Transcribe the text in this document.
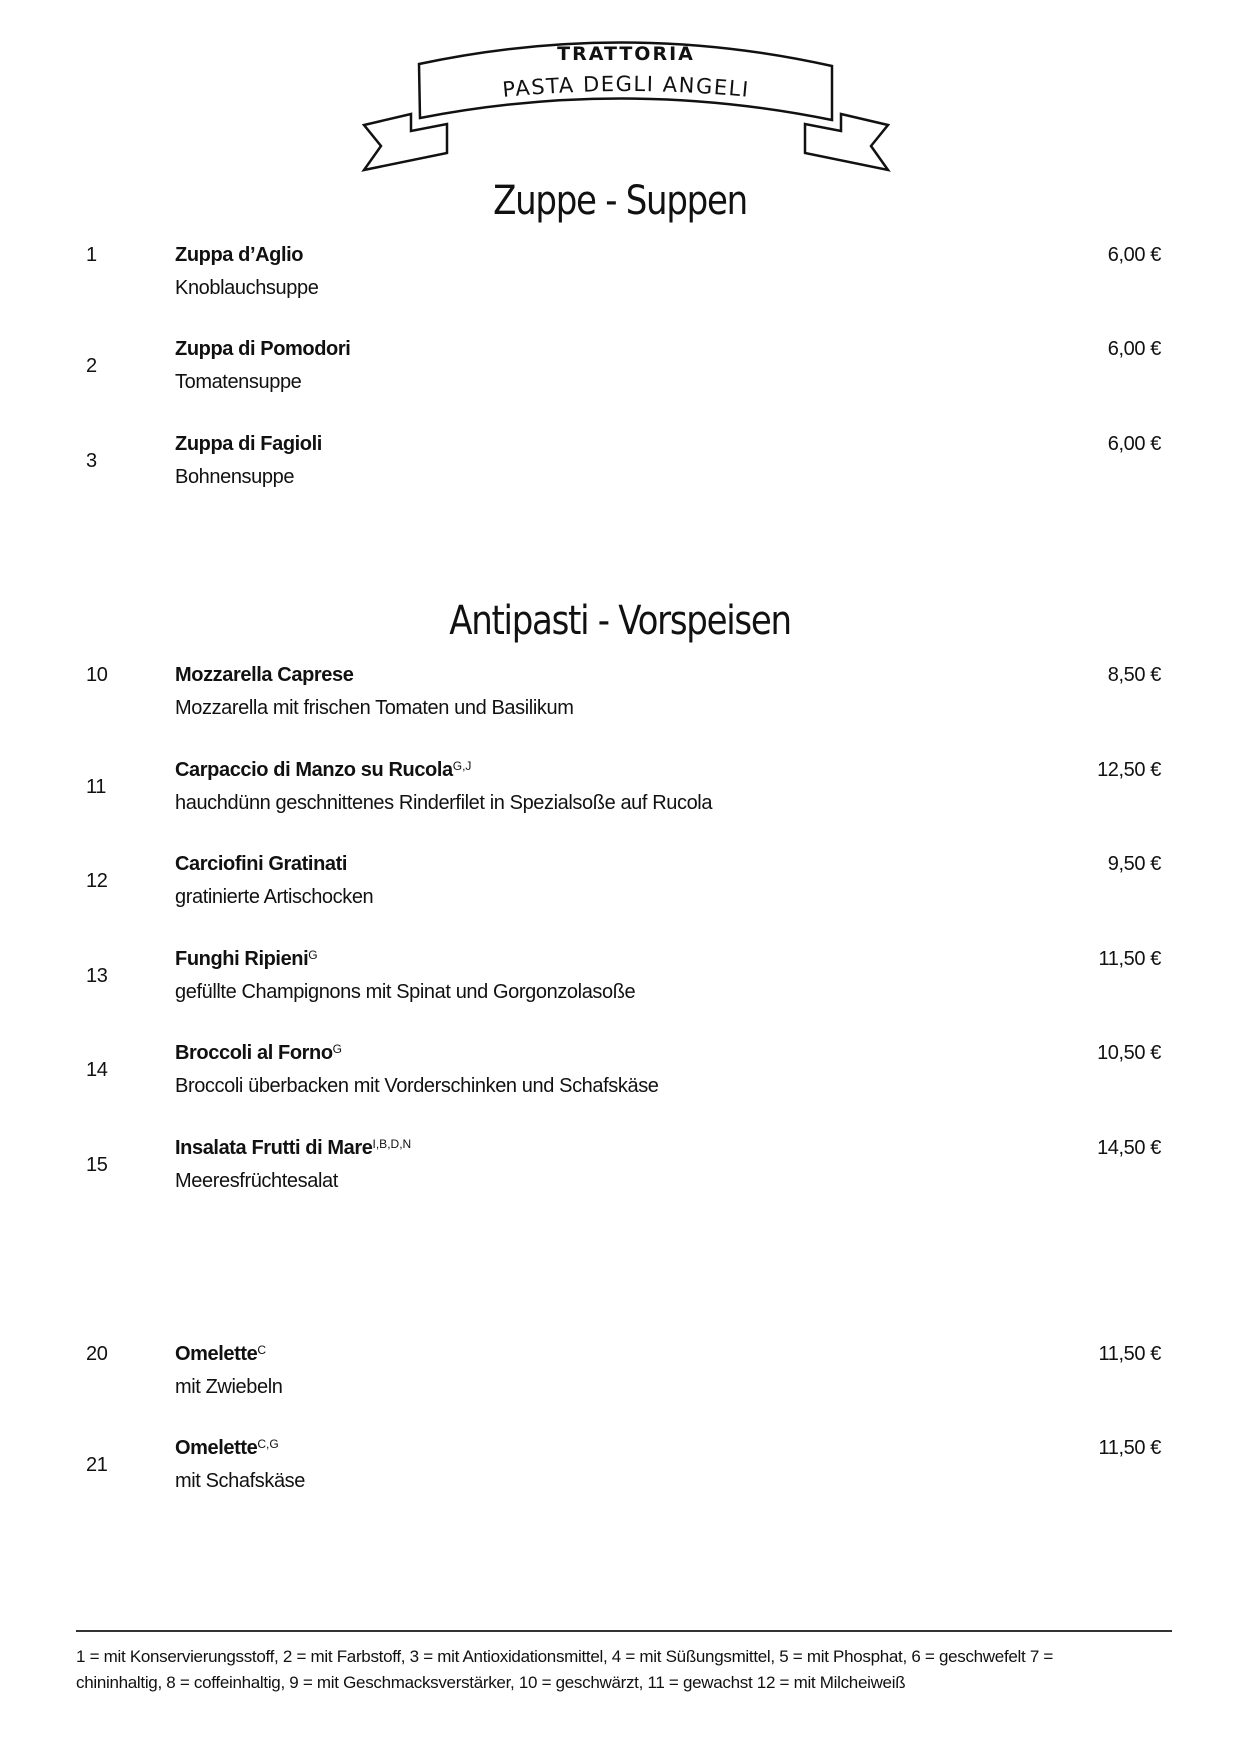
TRATTORIA
PASTA DEGLI ANGELI
Zuppe - Suppen
1	Zuppa d’Aglio
Knoblauchsuppe
6,00 €
2
Zuppa di Pomodori
Tomatensuppe
6,00 €
3
Zuppa di Fagioli
Bohnensuppe
6,00 €
Antipasti - Vorspeisen
10	Mozzarella Caprese
Mozzarella mit frischen Tomaten und Basilikum
8,50 €
11
Carpaccio di Manzo su Rucola$^{G,J}$
hauchdünn geschnittenes Rinderfilet in Spezialsoße auf Rucola
12,50 €
12
Carciofini Gratinati
gratinierte Artischocken
9,50 €
13
Funghi Ripieni$^G$
gefüllte Champignons mit Spinat und Gorgonzolasoße
11,50 €
14
Broccoli al Forno$^G$
Broccoli überbacken mit Vorderschinken und Schafskäse
10,50 €
15
Insalata Frutti di Mare$^{I,B,D,N}$
Meeresfrüchtesalat
14,50 €
20	Omelette$^C$
mit Zwiebeln
11,50 €
21
Omelette$^{C,G}$
mit Schafskäse
11,50 €
1 = mit Konservierungsstoff, 2 = mit Farbstoff, 3 = mit Antioxidationsmittel, 4 = mit Süßungsmittel, 5 = mit Phosphat, 6 = geschwefelt 7 = chininhaltig, 8 = coffeinhaltig, 9 = mit Geschmacksverstärker, 10 = geschwärzt, 11 = gewachst 12 = mit Milcheiweiß
